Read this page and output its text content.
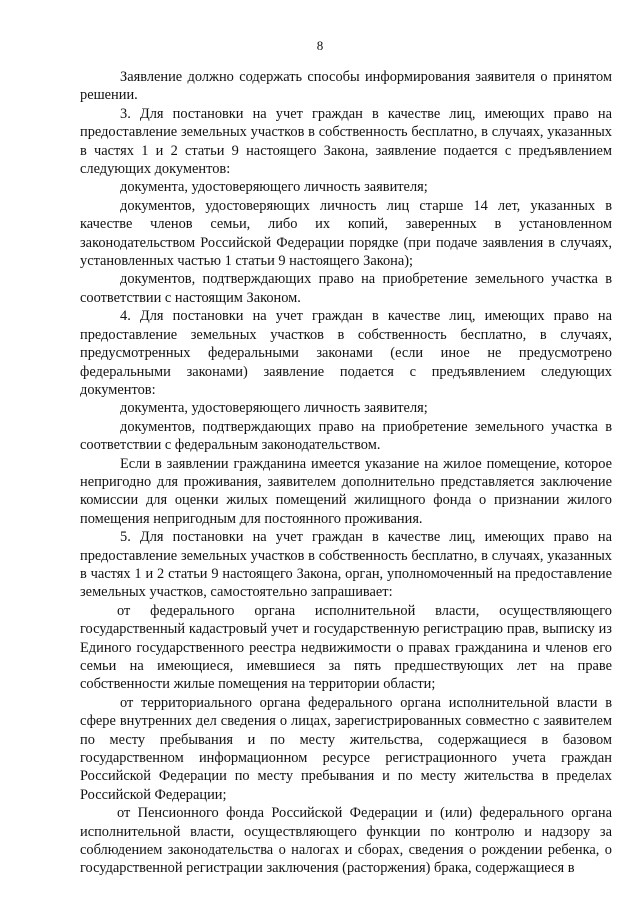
8

Заявление должно содержать способы информирования заявителя о принятом решении.

3. Для постановки на учет граждан в качестве лиц, имеющих право на предоставление земельных участков в собственность бесплатно, в случаях, указанных в частях 1 и 2 статьи 9 настоящего Закона, заявление подается с предъявлением следующих документов:

документа, удостоверяющего личность заявителя;

документов, удостоверяющих личность лиц старше 14 лет, указанных в качестве членов семьи, либо их копий, заверенных в установленном законодательством Российской Федерации порядке (при подаче заявления в случаях, установленных частью 1 статьи 9 настоящего Закона);

документов, подтверждающих право на приобретение земельного участка в соответствии с настоящим Законом.

4. Для постановки на учет граждан в качестве лиц, имеющих право на предоставление земельных участков в собственность бесплатно, в случаях, предусмотренных федеральными законами (если иное не предусмотрено федеральными законами) заявление подается с предъявлением следующих документов:

документа, удостоверяющего личность заявителя;

документов, подтверждающих право на приобретение земельного участка в соответствии с федеральным законодательством.

Если в заявлении гражданина имеется указание на жилое помещение, которое непригодно для проживания, заявителем дополнительно представляется заключение комиссии для оценки жилых помещений жилищного фонда о признании жилого помещения непригодным для постоянного проживания.

5. Для постановки на учет граждан в качестве лиц, имеющих право на предоставление земельных участков в собственность бесплатно, в случаях, указанных в частях 1 и 2 статьи 9 настоящего Закона, орган, уполномоченный на предоставление земельных участков, самостоятельно запрашивает:

от федерального органа исполнительной власти, осуществляющего государственный кадастровый учет и государственную регистрацию прав, выписку из Единого государственного реестра недвижимости о правах гражданина и членов его семьи на имеющиеся, имевшиеся за пять предшествующих лет на праве собственности жилые помещения на территории области;

от территориального органа федерального органа исполнительной власти в сфере внутренних дел сведения о лицах, зарегистрированных совместно с заявителем по месту пребывания и по месту жительства, содержащиеся в базовом государственном информационном ресурсе регистрационного учета граждан Российской Федерации по месту пребывания и по месту жительства в пределах Российской Федерации;

от Пенсионного фонда Российской Федерации и (или) федерального органа исполнительной власти, осуществляющего функции по контролю и надзору за соблюдением законодательства о налогах и сборах, сведения о рождении ребенка, о государственной регистрации заключения (расторжения) брака, содержащиеся в
